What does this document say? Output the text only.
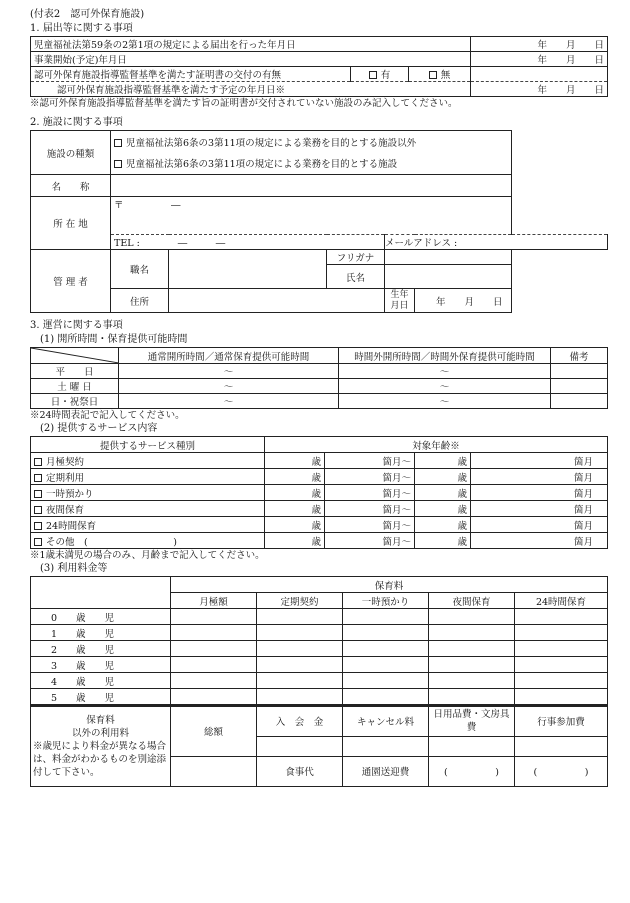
(付表2　認可外保育施設)
1. 届出等に関する事項
児童福祉法第59条の2第1項の規定による届出を行った年月日			年　　月　　日
事業開始(予定)年月日			年　　月　　日
認可外保育施設指導監督基準を満たす証明書の交付の有無	有	無	
認可外保育施設指導監督基準を満たす予定の年月日※			年　　月　　日
※認可外保育施設指導監督基準を満たす旨の証明書が交付されていない施設のみ記入してください。
2. 施設に関する事項
施設の種類	児童福祉法第6条の3第11項の規定による業務を目的とする施設以外				
	児童福祉法第6条の3第11項の規定による業務を目的とする施設				
名　　称					
所 在 地	〒　　　　　―				

	TEL :　　　　―　　　―			メールアドレス :	
管 理 者	職名		フリガナ		
			氏名		
	住所			生年月日	年　　月　　日
3. 運営に関する事項
(1) 開所時間・保育提供可能時間
	通常開所時間／通常保育提供可能時間	時間外開所時間／時間外保育提供可能時間	備考
平　　日	～	～	
土 曜 日	～	～	
日・祝祭日	～	～	
※24時間表記で記入してください。
(2) 提供するサービス内容
提供するサービス種別	対象年齢※			
月極契約	歳	箇月～	歳	箇月
定期利用	歳	箇月～	歳	箇月
一時預かり	歳	箇月～	歳	箇月
夜間保育	歳	箇月～	歳	箇月
24時間保育	歳	箇月～	歳	箇月
その他　(　　　　　　　　　)	歳	箇月～	歳	箇月
※1歳未満児の場合のみ、月齢まで記入してください。
(3) 利用料金等
	保育料				
	月極額	定期契約	一時預かり	夜間保育	24時間保育
0　　歳　　児					
1　　歳　　児					
2　　歳　　児					
3　　歳　　児					
4　　歳　　児					
5　　歳　　児					
保育料
以外の利用料
※歳児により料金が異なる場合は、料金がわかるものを別途添付して下さい。	総額	入　会　金	キャンセル料	日用品費・文房具費	行事参加費

		食事代	通園送迎費	(　　　　　)	(　　　　　)
